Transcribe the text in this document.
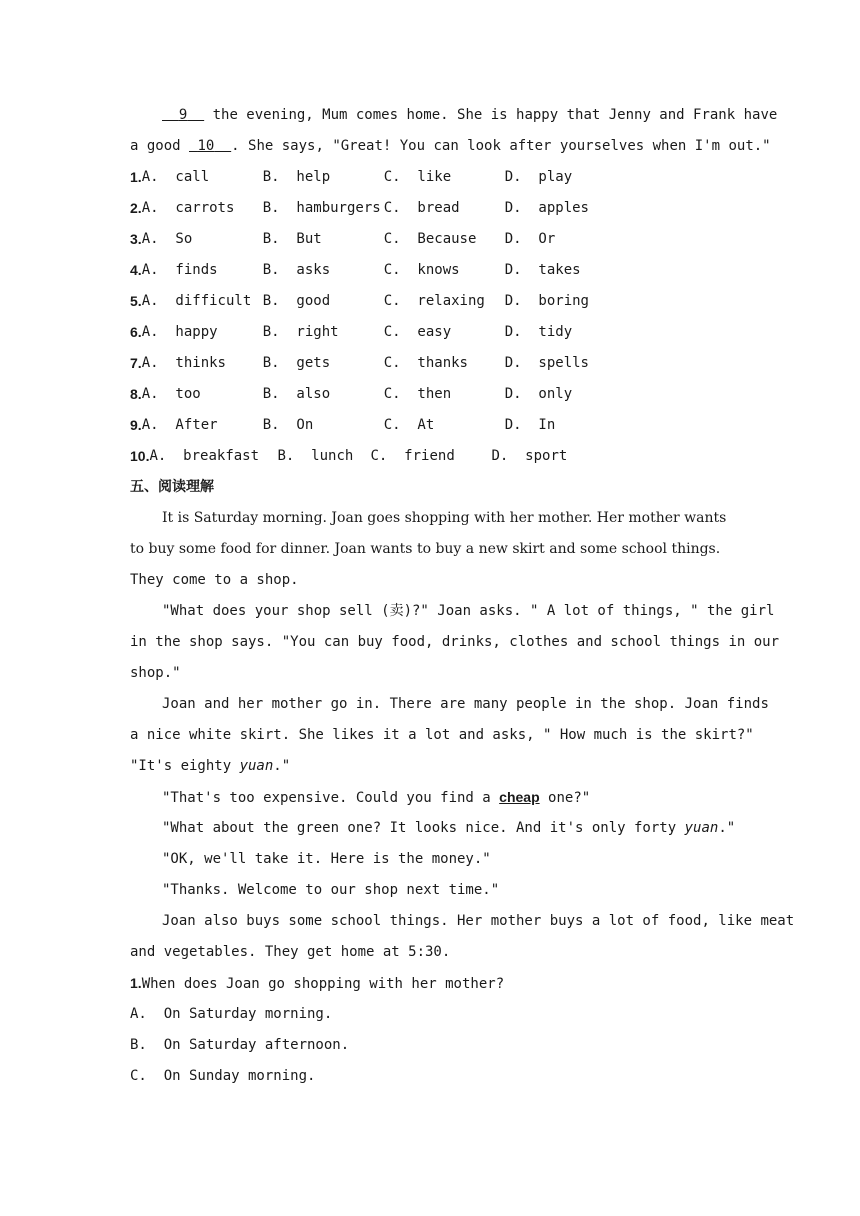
9   the evening, Mum comes home. She is happy that Jenny and Frank have
a good  10 . She says, "Great! You can look after yourselves when I'm out."
1. A.  call	B.  help	C.  like	D.  play
2. A.  carrots	B.  hamburgers C.  bread	D.  apples
3. A.  So	B.  But	C.  Because	D.  Or
4. A.  finds	B.  asks	C.  knows	D.  takes
5. A.  difficult B.  good	C.  relaxing	D.  boring
6. A.  happy	B.  right	C.  easy	D.  tidy
7. A.  thinks	B.  gets	C.  thanks	D.  spells
8. A.  too	B.  also	C.  then	D.  only
9. A.  After	B.  On	C.  At	D.  In
10. A.  breakfast	B.  lunch	C.  friend	D.  sport
五、阅读理解
It is Saturday morning. Joan goes shopping with her mother. Her mother wants
to buy some food for dinner. Joan wants to buy a new skirt and some school things.
They come to a shop.
"What does your shop sell (卖)?" Joan asks. " A lot of things, " the girl
in the shop says. "You can buy food, drinks, clothes and school things in our
shop."
Joan and her mother go in. There are many people in the shop. Joan finds
a nice white skirt. She likes it a lot and asks, " How much is the skirt?"
"It's eighty yuan."
"That's too expensive. Could you find a cheap one?"
"What about the green one? It looks nice. And it's only forty yuan."
"OK, we'll take it. Here is the money."
"Thanks. Welcome to our shop next time."
Joan also buys some school things. Her mother buys a lot of food, like meat
and vegetables. They get home at 5:30.
1.When does Joan go shopping with her mother?
A.  On Saturday morning.
B.  On Saturday afternoon.
C.  On Sunday morning.
